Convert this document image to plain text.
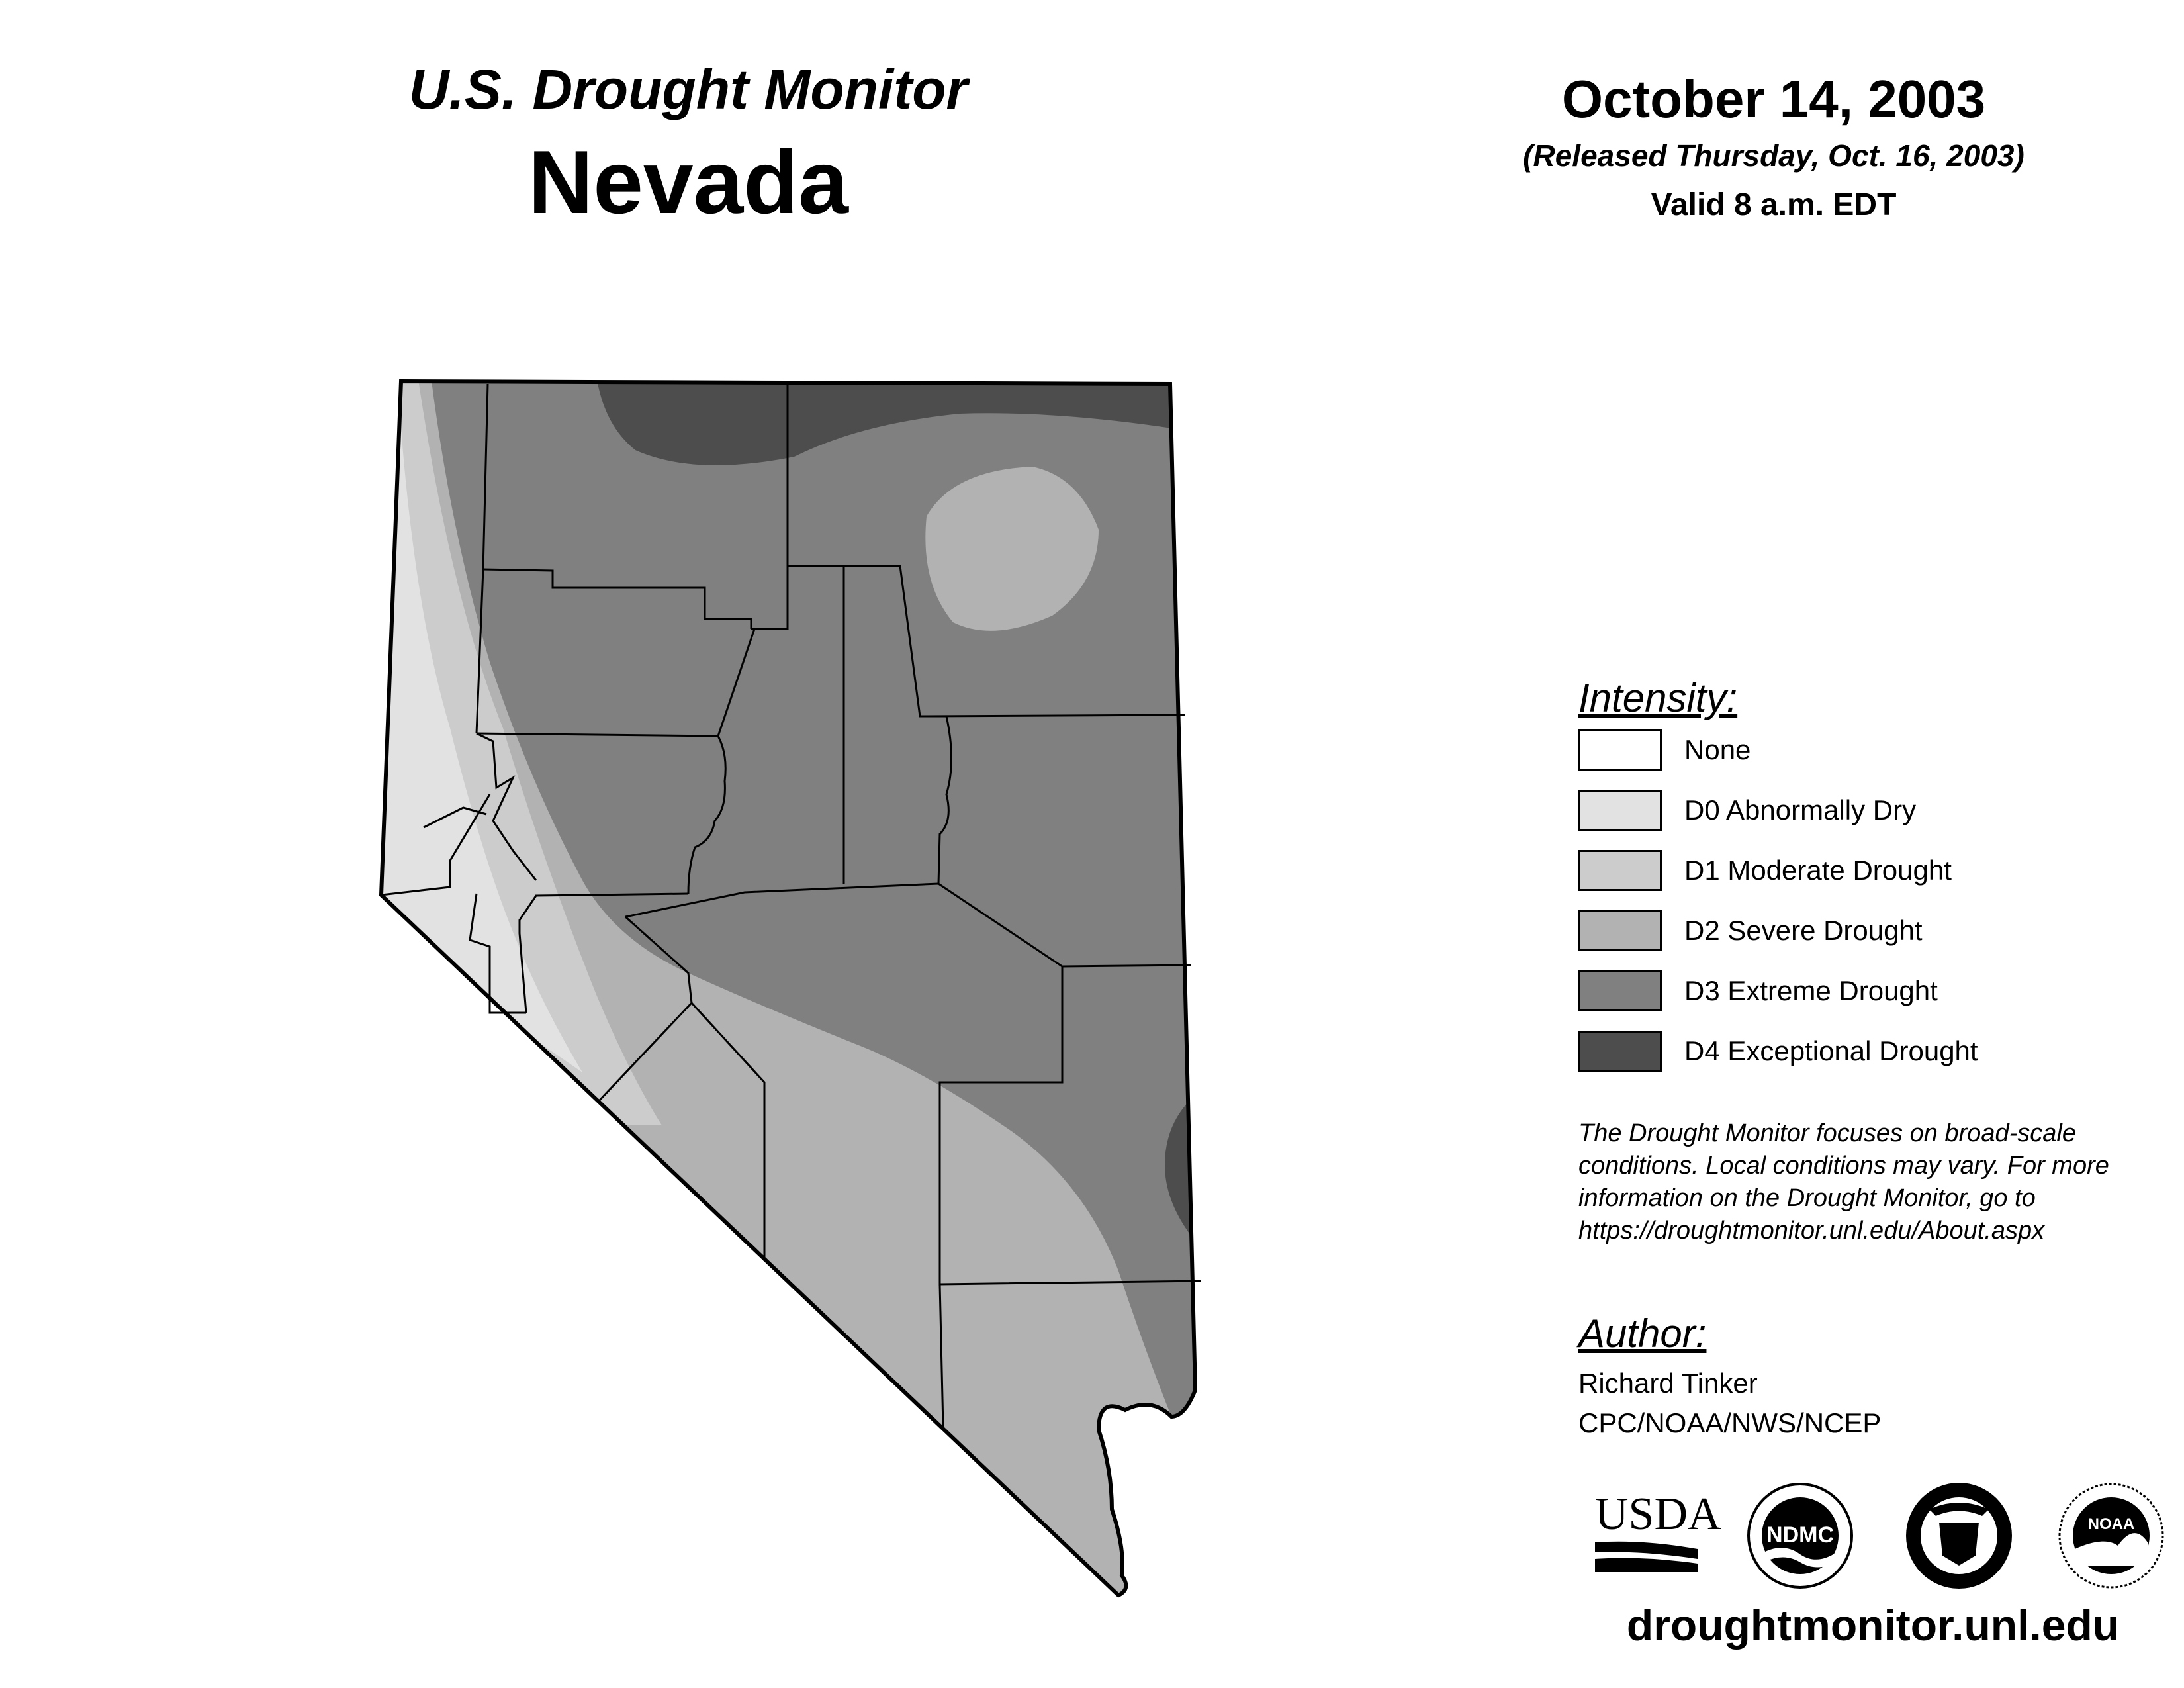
U.S. Drought Monitor
Nevada
October 14, 2003
(Released Thursday, Oct. 16, 2003)
Valid 8 a.m. EDT
Intensity:
None
D0 Abnormally Dry
D1 Moderate Drought
D2 Severe Drought
D3 Extreme Drought
D4 Exceptional Drought
The Drought Monitor focuses on broad-scale
conditions. Local conditions may vary. For more
information on the Drought Monitor, go to
https://droughtmonitor.unl.edu/About.aspx
Author:
Richard Tinker
CPC/NOAA/NWS/NCEP
USDA NDMC	NOAA
droughtmonitor.unl.edu
